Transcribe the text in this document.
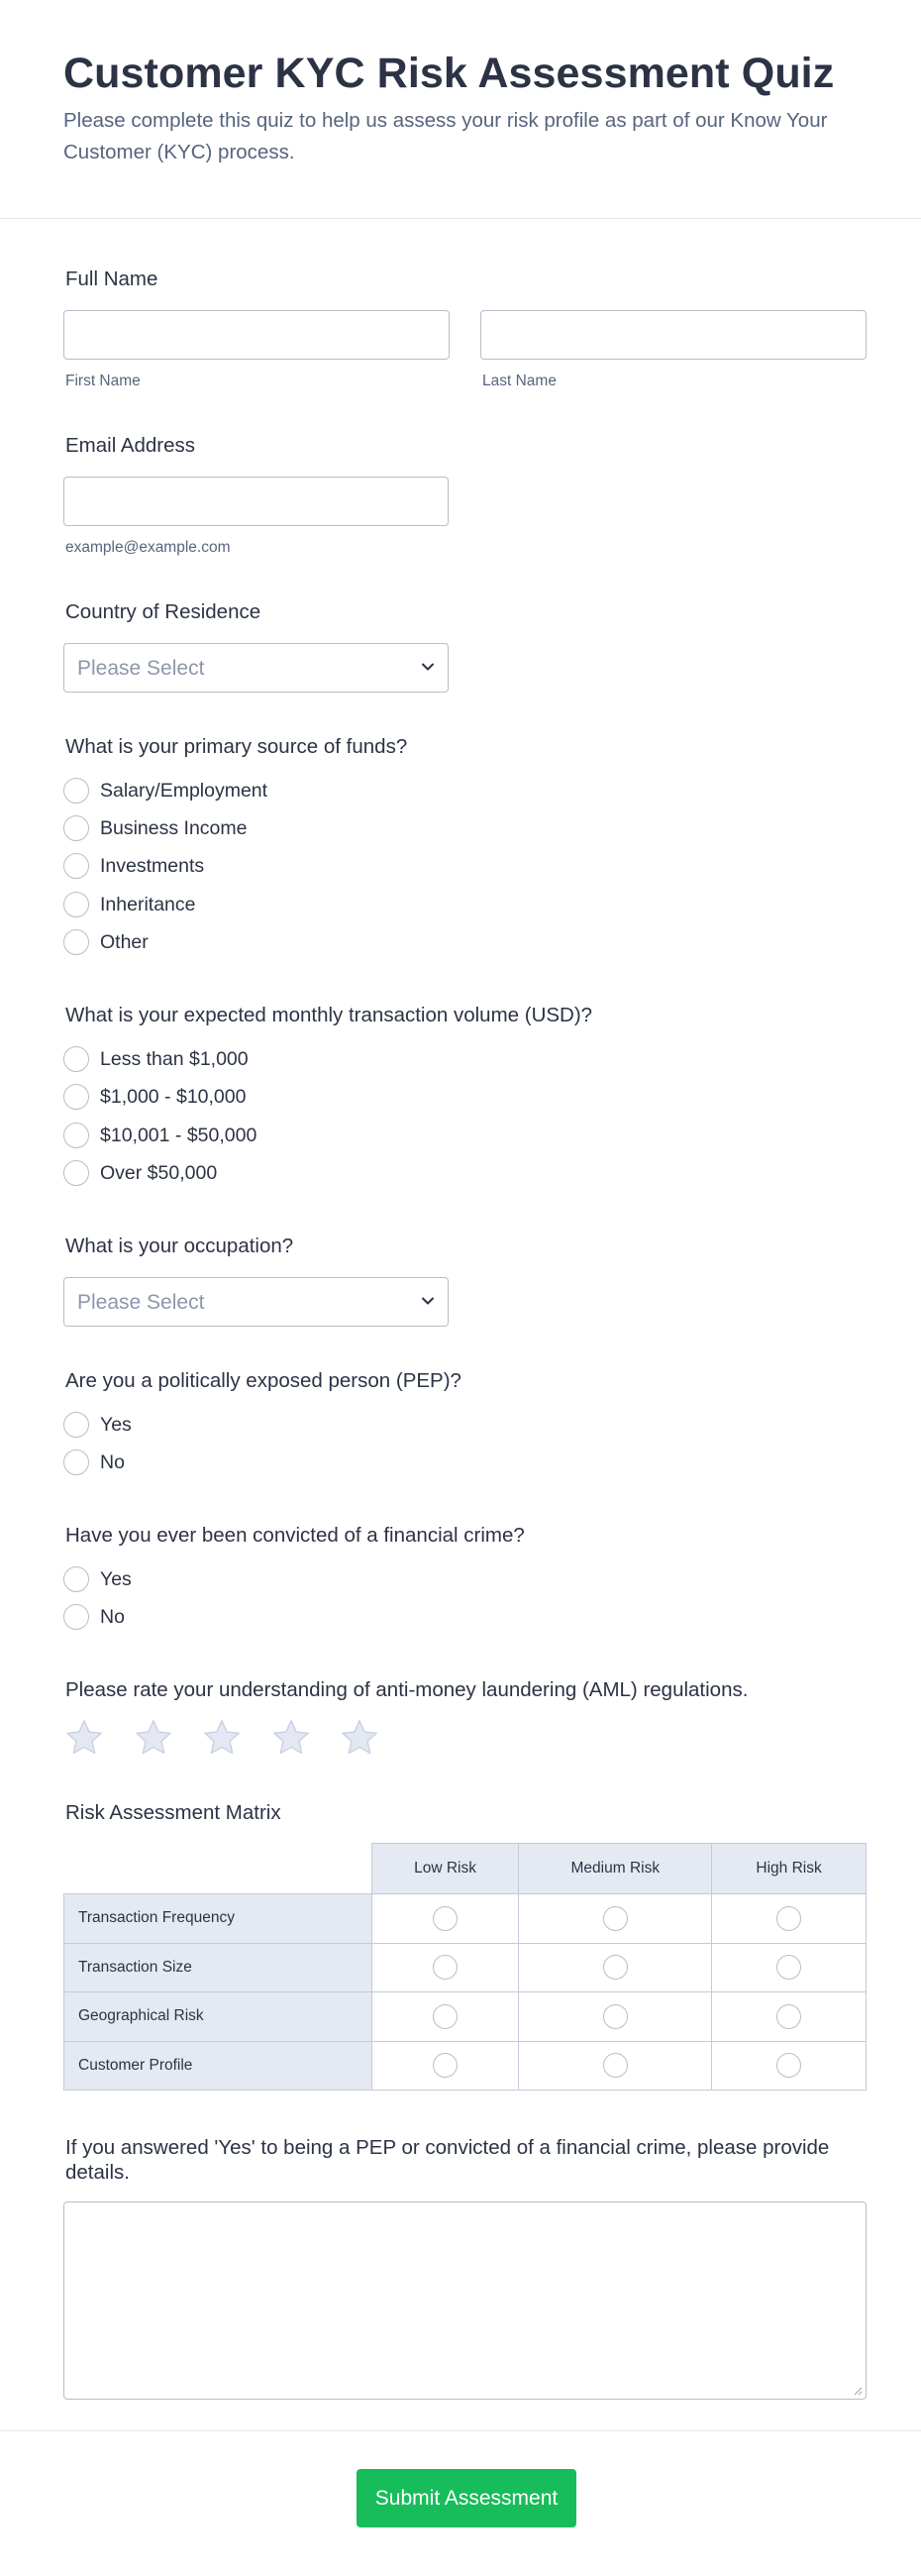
Customer KYC Risk Assessment Quiz

Please complete this quiz to help us assess your risk profile as part of our Know Your Customer (KYC) process.

Full Name
First Name	Last Name
Email Address
example@example.com
Country of Residence
Please Select
What is your primary source of funds?
Salary/Employment
Business Income
Investments
Inheritance
Other
What is your expected monthly transaction volume (USD)?
Less than $1,000
$1,000 - $10,000
$10,001 - $50,000
Over $50,000
What is your occupation?
Please Select
Are you a politically exposed person (PEP)?
Yes
No
Have you ever been convicted of a financial crime?
Yes
No
Please rate your understanding of anti-money laundering (AML) regulations.
Risk Assessment Matrix
	Low Risk	Medium Risk	High Risk
Transaction Frequency			
Transaction Size			
Geographical Risk			
Customer Profile			
If you answered 'Yes' to being a PEP or convicted of a financial crime, please provide details.
Submit Assessment
